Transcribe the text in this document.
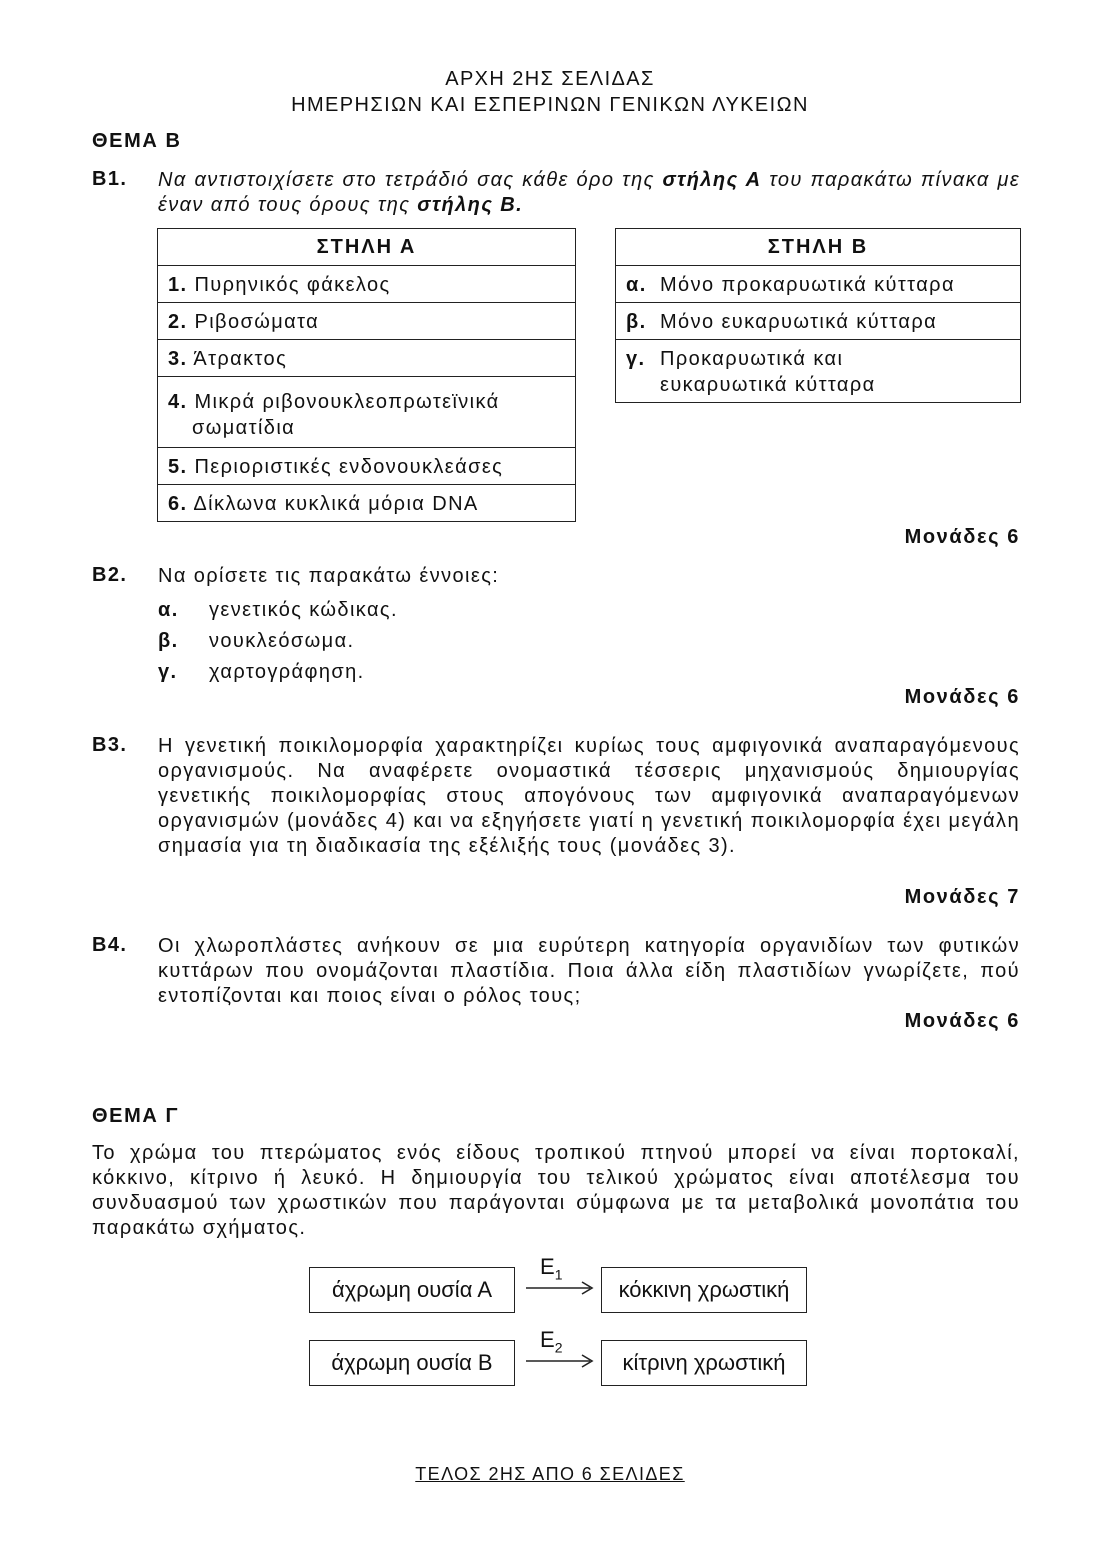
ΑΡΧΗ 2ΗΣ ΣΕΛΙΔΑΣ
ΗΜΕΡΗΣΙΩΝ ΚΑΙ ΕΣΠΕΡΙΝΩΝ ΓΕΝΙΚΩΝ ΛΥΚΕΙΩΝ
ΘΕΜΑ Β
Β1. Να αντιστοιχίσετε στο τετράδιό σας κάθε όρο της στήλης Α του παρακάτω πίνακα με έναν από τους όρους της στήλης Β.
ΣΤΗΛΗ Α
1. Πυρηνικός φάκελος
2. Ριβοσώματα
3. Άτρακτος
4. Μικρά ριβονουκλεοπρωτεϊνικά σωματίδια
5. Περιοριστικές ενδονουκλεάσες
6. Δίκλωνα κυκλικά μόρια DNA
ΣΤΗΛΗ Β	
α.	Μόνο προκαρυωτικά κύτταρα
β.	Μόνο ευκαρυωτικά κύτταρα
γ.	Προκαρυωτικά και ευκαρυωτικά κύτταρα
Μονάδες 6
Β2. Να ορίσετε τις παρακάτω έννοιες:
α. γενετικός κώδικας.
β. νουκλεόσωμα.
γ. χαρτογράφηση.
Μονάδες 6
Β3. Η γενετική ποικιλομορφία χαρακτηρίζει κυρίως τους αμφιγονικά αναπαραγόμενους οργανισμούς. Να αναφέρετε ονομαστικά τέσσερις μηχανισμούς δημιουργίας γενετικής ποικιλομορφίας στους απογόνους των αμφιγονικά αναπαραγόμενων οργανισμών (μονάδες 4) και να εξηγήσετε γιατί η γενετική ποικιλομορφία έχει μεγάλη σημασία για τη διαδικασία της εξέλιξής τους (μονάδες 3).
Μονάδες 7
Β4. Οι χλωροπλάστες ανήκουν σε μια ευρύτερη κατηγορία οργανιδίων των φυτικών κυττάρων που ονομάζονται πλαστίδια. Ποια άλλα είδη πλαστιδίων γνωρίζετε, πού εντοπίζονται και ποιος είναι ο ρόλος τους;
Μονάδες 6
ΘΕΜΑ Γ
Το χρώμα του πτερώματος ενός είδους τροπικού πτηνού μπορεί να είναι πορτοκαλί, κόκκινο, κίτρινο ή λευκό. Η δημιουργία του τελικού χρώματος είναι αποτέλεσμα του συνδυασμού των χρωστικών που παράγονται σύμφωνα με τα μεταβολικά μονοπάτια του παρακάτω σχήματος.
άχρωμη ουσία Α
$E_1$
κόκκινη χρωστική
άχρωμη ουσία Β
$E_2$
κίτρινη χρωστική
ΤΕΛΟΣ 2ΗΣ ΑΠΟ 6 ΣΕΛΙΔΕΣ
